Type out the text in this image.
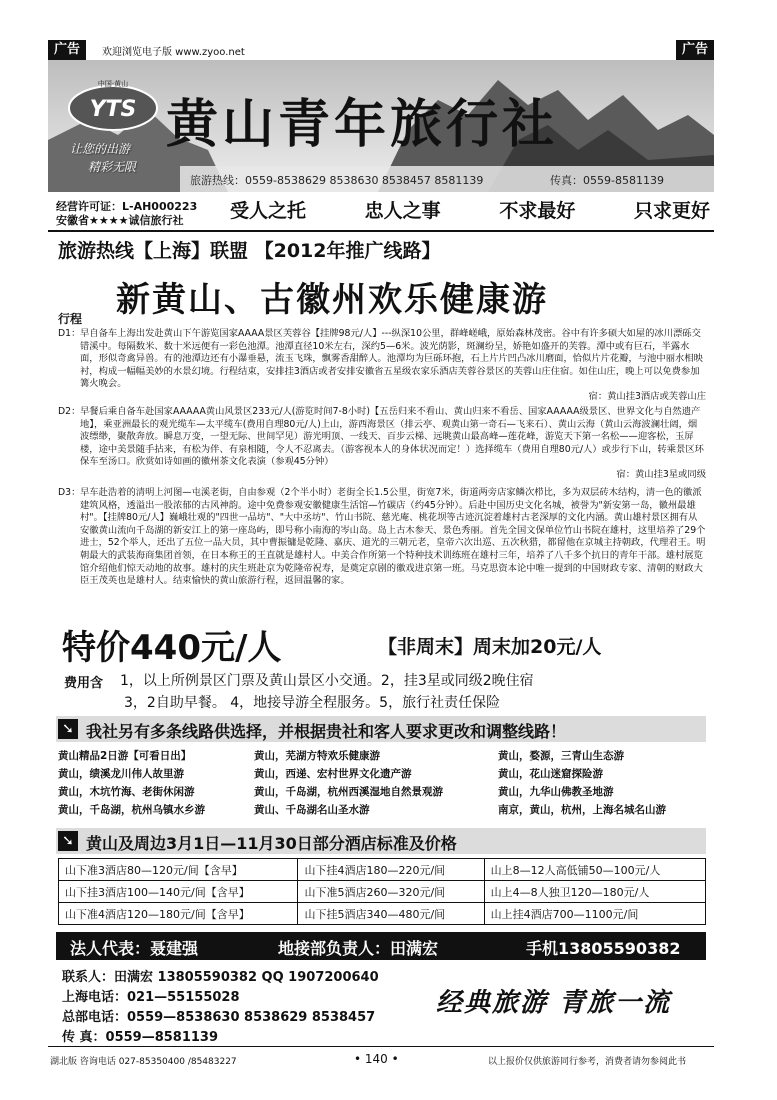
广告	欢迎浏览电子版 www.zyoo.net	广告
中国·黄山
YTS
让您的出游
精彩无限
黄山青年旅行社
旅游热线：0559-8538629 8538630 8538457 8581139	传真：0559-8581139
经营许可证：L-AH000223
安徽省★★★★诚信旅行社	受人之托	忠人之事	不求最好	只求更好
旅游热线【上海】联盟 【2012年推广线路】
新黄山、古徽州欢乐健康游
行程
D1： 早自备车上海出发赴黄山下午游览国家AAAA景区芙蓉谷【挂牌98元/人】---纵深10公里，群峰嵯峨，原始森林茂密。谷中有许多硕大如屋的冰川漂砾交错溪中。每隔数米、数十米远便有一彩色池潭。池潭直径10米左右，深约5—6米。波光荫影，斑澜纷呈，娇艳如盛开的芙蓉。潭中或有巨石，半露水面，形似奇禽异兽。有的池潭边还有小瀑垂悬，流玉飞珠，飘雾香甜醉人。池潭均为巨砾环抱，石上片片凹凸冰川磨面，恰似片片花瓣，与池中丽水相映衬，构成一幅幅美妙的水景幻境。行程结束，安排挂3酒店或者安排安徽省五星级农家乐酒店芙蓉谷景区的芙蓉山庄住宿。如住山庄，晚上可以免费参加篝火晚会。
宿：黄山挂3酒店或芙蓉山庄
D2： 早餐后乘自备车赴国家AAAAA黄山风景区233元/人(游览时间7-8小时)【五岳归来不看山、黄山归来不看岳、国家AAAAA级景区、世界文化与自然遗产地】，乘亚洲最长的观光缆车—太平缆车(费用自理80元/人)上山，游西海景区（排云亭、观黄山第一奇石—飞来石）、黄山云海（黄山云海波澜壮阔，烟波缥缈，聚散奔放。瞬息万变，一望无际、世间罕见）游光明顶、一线天、百步云梯、远眺黄山最高峰—莲花峰，游览天下第一名松——迎客松，玉屏楼，途中美景随手拈来，有松为伴、有泉相随，令人不忍离去。（游客视本人的身体状况而定！）选择缆车（费用自理80元/人）或步行下山，转乘景区环保车至汤口。欣赏如诗如画的徽州茶文化表演（参观45分钟）
宿：黄山挂3星或同级
D3： 早车赴浩着的清明上河图—屯溪老街，自由参观（2个半小时）老街全长1.5公里，街宽7米，街道两旁店家鳞次栉比，多为双层砖木结构，清一色的徽派建筑风格，透溢出一股浓郁的古风神韵。途中免费参观安徽健康生活馆—竹碳店（约45分钟）。后赴中国历史文化名城，被誉为"新安第一岛，徽州最雄村"。【挂牌80元/人】巍峨壮观的"四世一品坊"、"大中丞坊"、竹山书院、慈光庵、桃花坝等古迹沉淀着雄村古老深厚的文化内涵。黄山雄村景区拥有从安徽黄山流向千岛湖的新安江上的第一座岛屿，即号称小南海的岑山岛。岛上古木参天、景色秀丽。首先全国文保单位竹山书院在雄村，这里培养了29个进士，52个举人，还出了五位一品大员，其中曹振镛是乾隆、嘉庆、道光的三朝元老，皇帝六次出巡、五次秋猎，都留他在京城主持朝政，代理君王。明朝最大的武装海商集团首领，在日本称王的王直就是雄村人。中美合作所第一个特种技术训练班在雄村三年，培养了八千多个抗日的青年干部。雄村展览馆介绍他们惊天动地的故事。雄村的庆生班赴京为乾隆帝祝寿，是奠定京剧的徽戏进京第一班。马克思资本论中唯一提到的中国财政专家、清朝的财政大臣王茂英也是雄村人。结束愉快的黄山旅游行程，返回温馨的家。
特价440元/人	【非周末】周末加20元/人
费用含 1，以上所例景区门票及黄山景区小交通。2，挂3星或同级2晚住宿
3，2自助早餐。 4，地接导游全程服务。5，旅行社责任保险
➘ 我社另有多条线路供选择，并根据贵社和客人要求更改和调整线路！
黄山精品2日游【可看日出】	黄山，芜湖方特欢乐健康游	黄山，婺源，三青山生态游
黄山，绩溪龙川伟人故里游	黄山，西递、宏村世界文化遗产游	黄山，花山迷窟探险游
黄山，木坑竹海、老街休闲游	黄山，千岛湖，杭州西溪湿地自然景观游	黄山，九华山佛教圣地游
黄山，千岛湖，杭州乌镇水乡游	黄山、千岛湖名山圣水游	南京，黄山，杭州，上海名城名山游
➘ 黄山及周边3月1日—11月30日部分酒店标准及价格
山下准3酒店80—120元/间【含早】	山下挂4酒店180—220元/间	山上8—12人高低铺50—100元/人
山下挂3酒店100—140元/间【含早】	山下准5酒店260—320元/间	山上4—8人独卫120—180元/人
山下准4酒店120—180元/间【含早】	山下挂5酒店340—480元/间	山上挂4酒店700—1100元/间
法人代表：聂建强	地接部负责人：田满宏	手机13805590382
联系人：田满宏 13805590382 QQ 1907200640
上海电话：021—55155028
总部电话：0559—8538630 8538629 8538457
传 真：0559—8581139
经典旅游 青旅一流
湖北版 咨询电话 027-85350400 /85483227	• 140 •	以上报价仅供旅游同行参考，消费者请勿参阅此书
